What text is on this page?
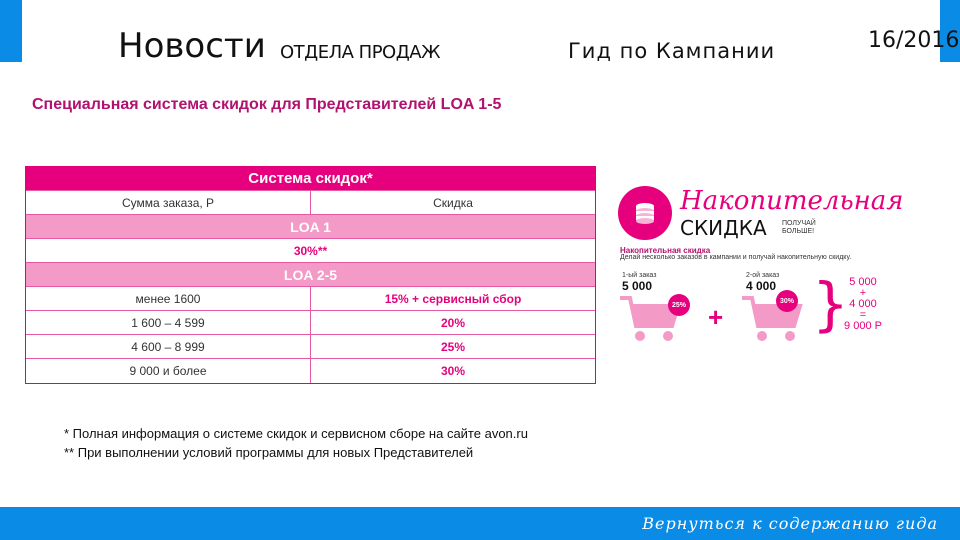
Новости ОТДЕЛА ПРОДАЖ	Гид по Кампании	16/2016
Специальная система скидок для Представителей LOA 1-5
Система скидок*
Сумма заказа, Р	Скидка
LOA 1
30%**
LOA 2-5
менее 1600	15% + сервисный сбор
1 600 – 4 599	20%
4 600 – 8 999	25%
9 000 и более	30%
Накопительная
СКИДКА ПОЛУЧАЙ БОЛЬШЕ!
Накопительная скидка
Делай несколько заказов в кампании и получай накопительную скидку.
1-ый заказ
5 000
25% +
2-ой заказ
4 000
30% } 5 000
+
4 000
=
9 000 Р
* Полная информация о системе скидок и сервисном сборе на сайте avon.ru
** При выполнении условий программы для новых Представителей
Вернуться к содержанию гида
